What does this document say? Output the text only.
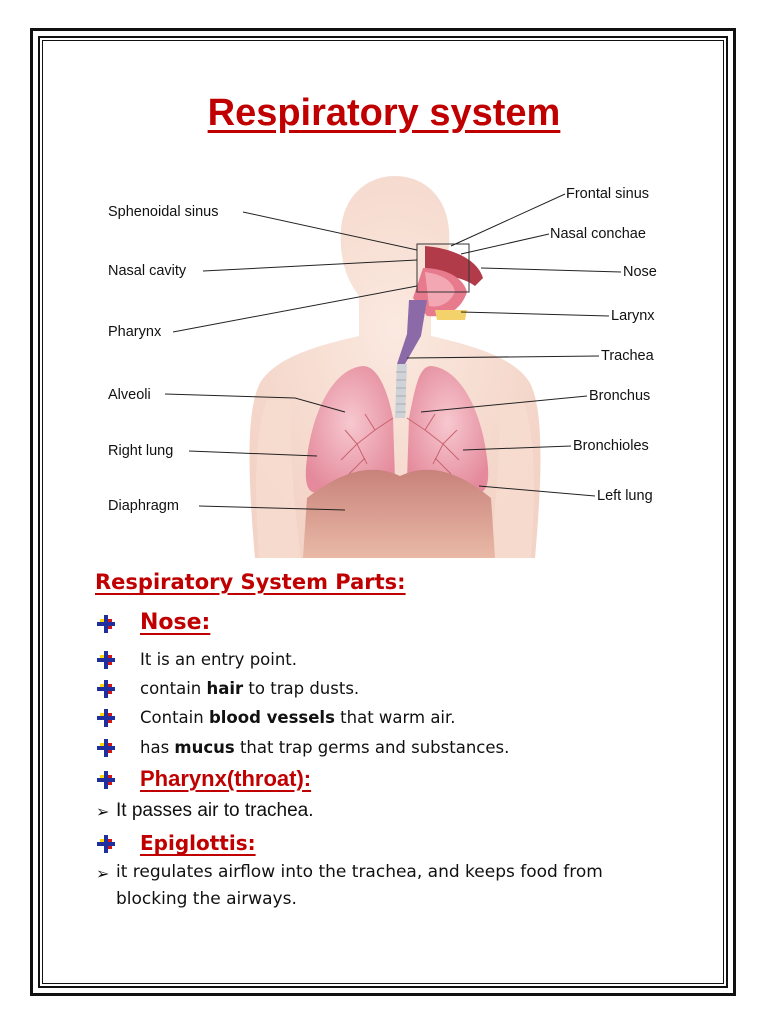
Respiratory system
Sphenoidal sinus
Nasal cavity
Pharynx
Alveoli
Right lung
Diaphragm
Frontal sinus
Nasal conchae
Nose
Larynx
Trachea
Bronchus
Bronchioles
Left lung
Respiratory System Parts:
Nose:
It is an entry point.
contain hair to trap dusts.
Contain blood vessels that warm air.
has mucus that trap germs and substances.
Pharynx(throat):
➢ It passes air to trachea.
Epiglottis:
➢ it regulates airflow into the trachea, and keeps food from
blocking the airways.
